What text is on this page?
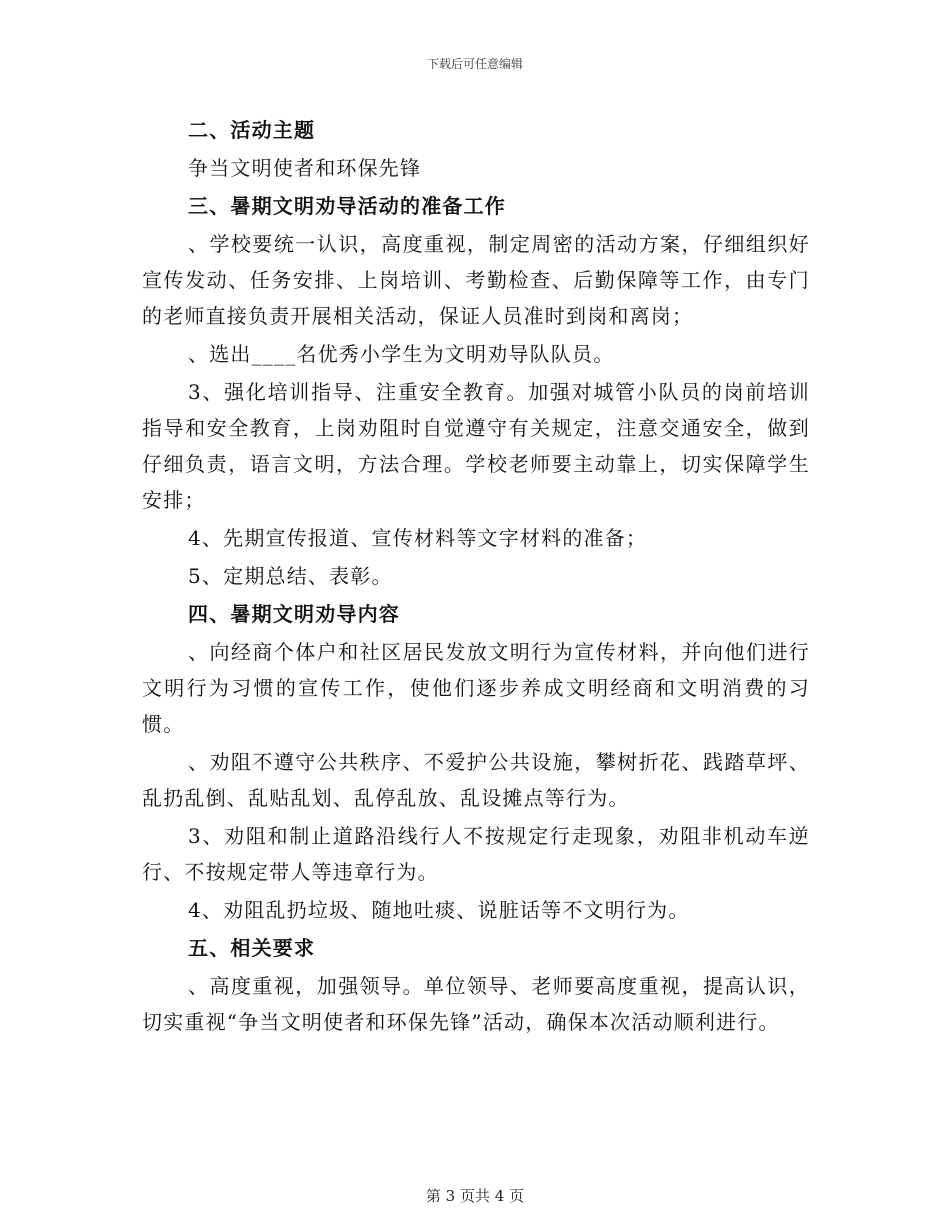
下载后可任意编辑
二、活动主题

争当文明使者和环保先锋

三、暑期文明劝导活动的准备工作

、学校要统一认识，高度重视，制定周密的活动方案，仔细组织好宣传发动、任务安排、上岗培训、考勤检查、后勤保障等工作，由专门的老师直接负责开展相关活动，保证人员准时到岗和离岗；

、选出____名优秀小学生为文明劝导队队员。

3、强化培训指导、注重安全教育。加强对城管小队员的岗前培训指导和安全教育，上岗劝阻时自觉遵守有关规定，注意交通安全，做到仔细负责，语言文明，方法合理。学校老师要主动靠上，切实保障学生安排；

4、先期宣传报道、宣传材料等文字材料的准备；

5、定期总结、表彰。

四、暑期文明劝导内容

、向经商个体户和社区居民发放文明行为宣传材料，并向他们进行文明行为习惯的宣传工作，使他们逐步养成文明经商和文明消费的习惯。

、劝阻不遵守公共秩序、不爱护公共设施，攀树折花、践踏草坪、乱扔乱倒、乱贴乱划、乱停乱放、乱设摊点等行为。

3、劝阻和制止道路沿线行人不按规定行走现象，劝阻非机动车逆行、不按规定带人等违章行为。

4、劝阻乱扔垃圾、随地吐痰、说脏话等不文明行为。

五、相关要求

、高度重视，加强领导。单位领导、老师要高度重视，提高认识，切实重视“争当文明使者和环保先锋”活动，确保本次活动顺利进行。

第 3 页共 4 页
